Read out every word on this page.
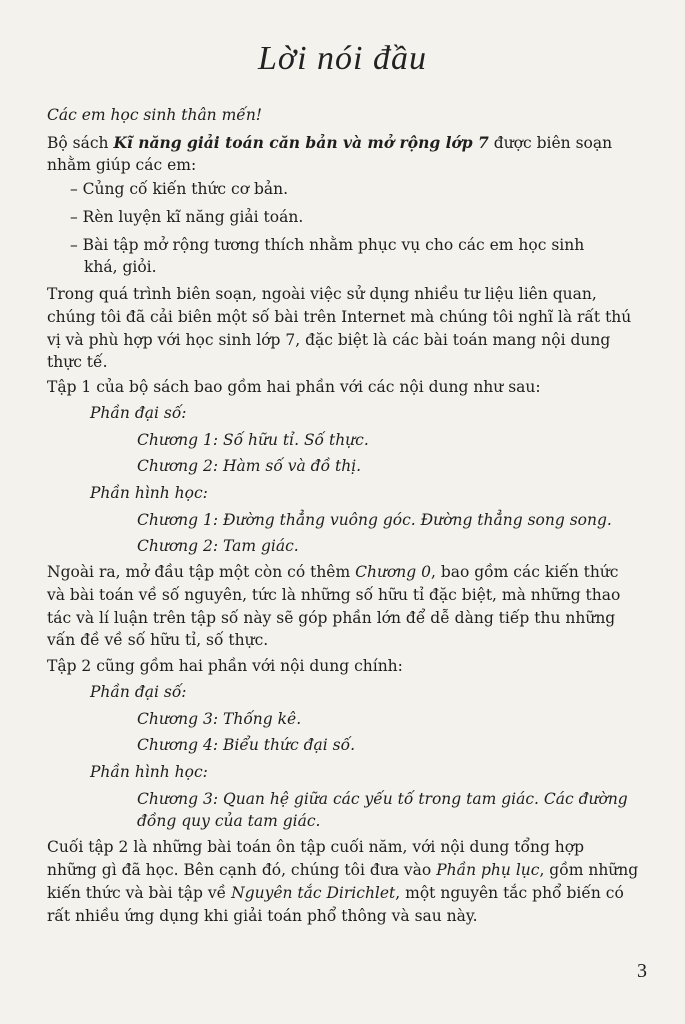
Lời nói đầu
Các em học sinh thân mến!
Bộ sách Kĩ năng giải toán căn bản và mở rộng lớp 7 được biên soạn
nhằm giúp các em:
– Củng cố kiến thức cơ bản.
– Rèn luyện kĩ năng giải toán.
– Bài tập mở rộng tương thích nhằm phục vụ cho các em học sinh
khá, giỏi.
Trong quá trình biên soạn, ngoài việc sử dụng nhiều tư liệu liên quan,
chúng tôi đã cải biên một số bài trên Internet mà chúng tôi nghĩ là rất thú
vị và phù hợp với học sinh lớp 7, đặc biệt là các bài toán mang nội dung
thực tế.
Tập 1 của bộ sách bao gồm hai phần với các nội dung như sau:
Phần đại số:
Chương 1: Số hữu tỉ. Số thực.
Chương 2: Hàm số và đồ thị.
Phần hình học:
Chương 1: Đường thẳng vuông góc. Đường thẳng song song.
Chương 2: Tam giác.
Ngoài ra, mở đầu tập một còn có thêm Chương 0, bao gồm các kiến thức
và bài toán về số nguyên, tức là những số hữu tỉ đặc biệt, mà những thao
tác và lí luận trên tập số này sẽ góp phần lớn để dễ dàng tiếp thu những
vấn đề về số hữu tỉ, số thực.
Tập 2 cũng gồm hai phần với nội dung chính:
Phần đại số:
Chương 3: Thống kê.
Chương 4: Biểu thức đại số.
Phần hình học:
Chương 3: Quan hệ giữa các yếu tố trong tam giác. Các đường
đồng quy của tam giác.
Cuối tập 2 là những bài toán ôn tập cuối năm, với nội dung tổng hợp
những gì đã học. Bên cạnh đó, chúng tôi đưa vào Phần phụ lục, gồm những
kiến thức và bài tập về Nguyên tắc Dirichlet, một nguyên tắc phổ biến có
rất nhiều ứng dụng khi giải toán phổ thông và sau này.
3
